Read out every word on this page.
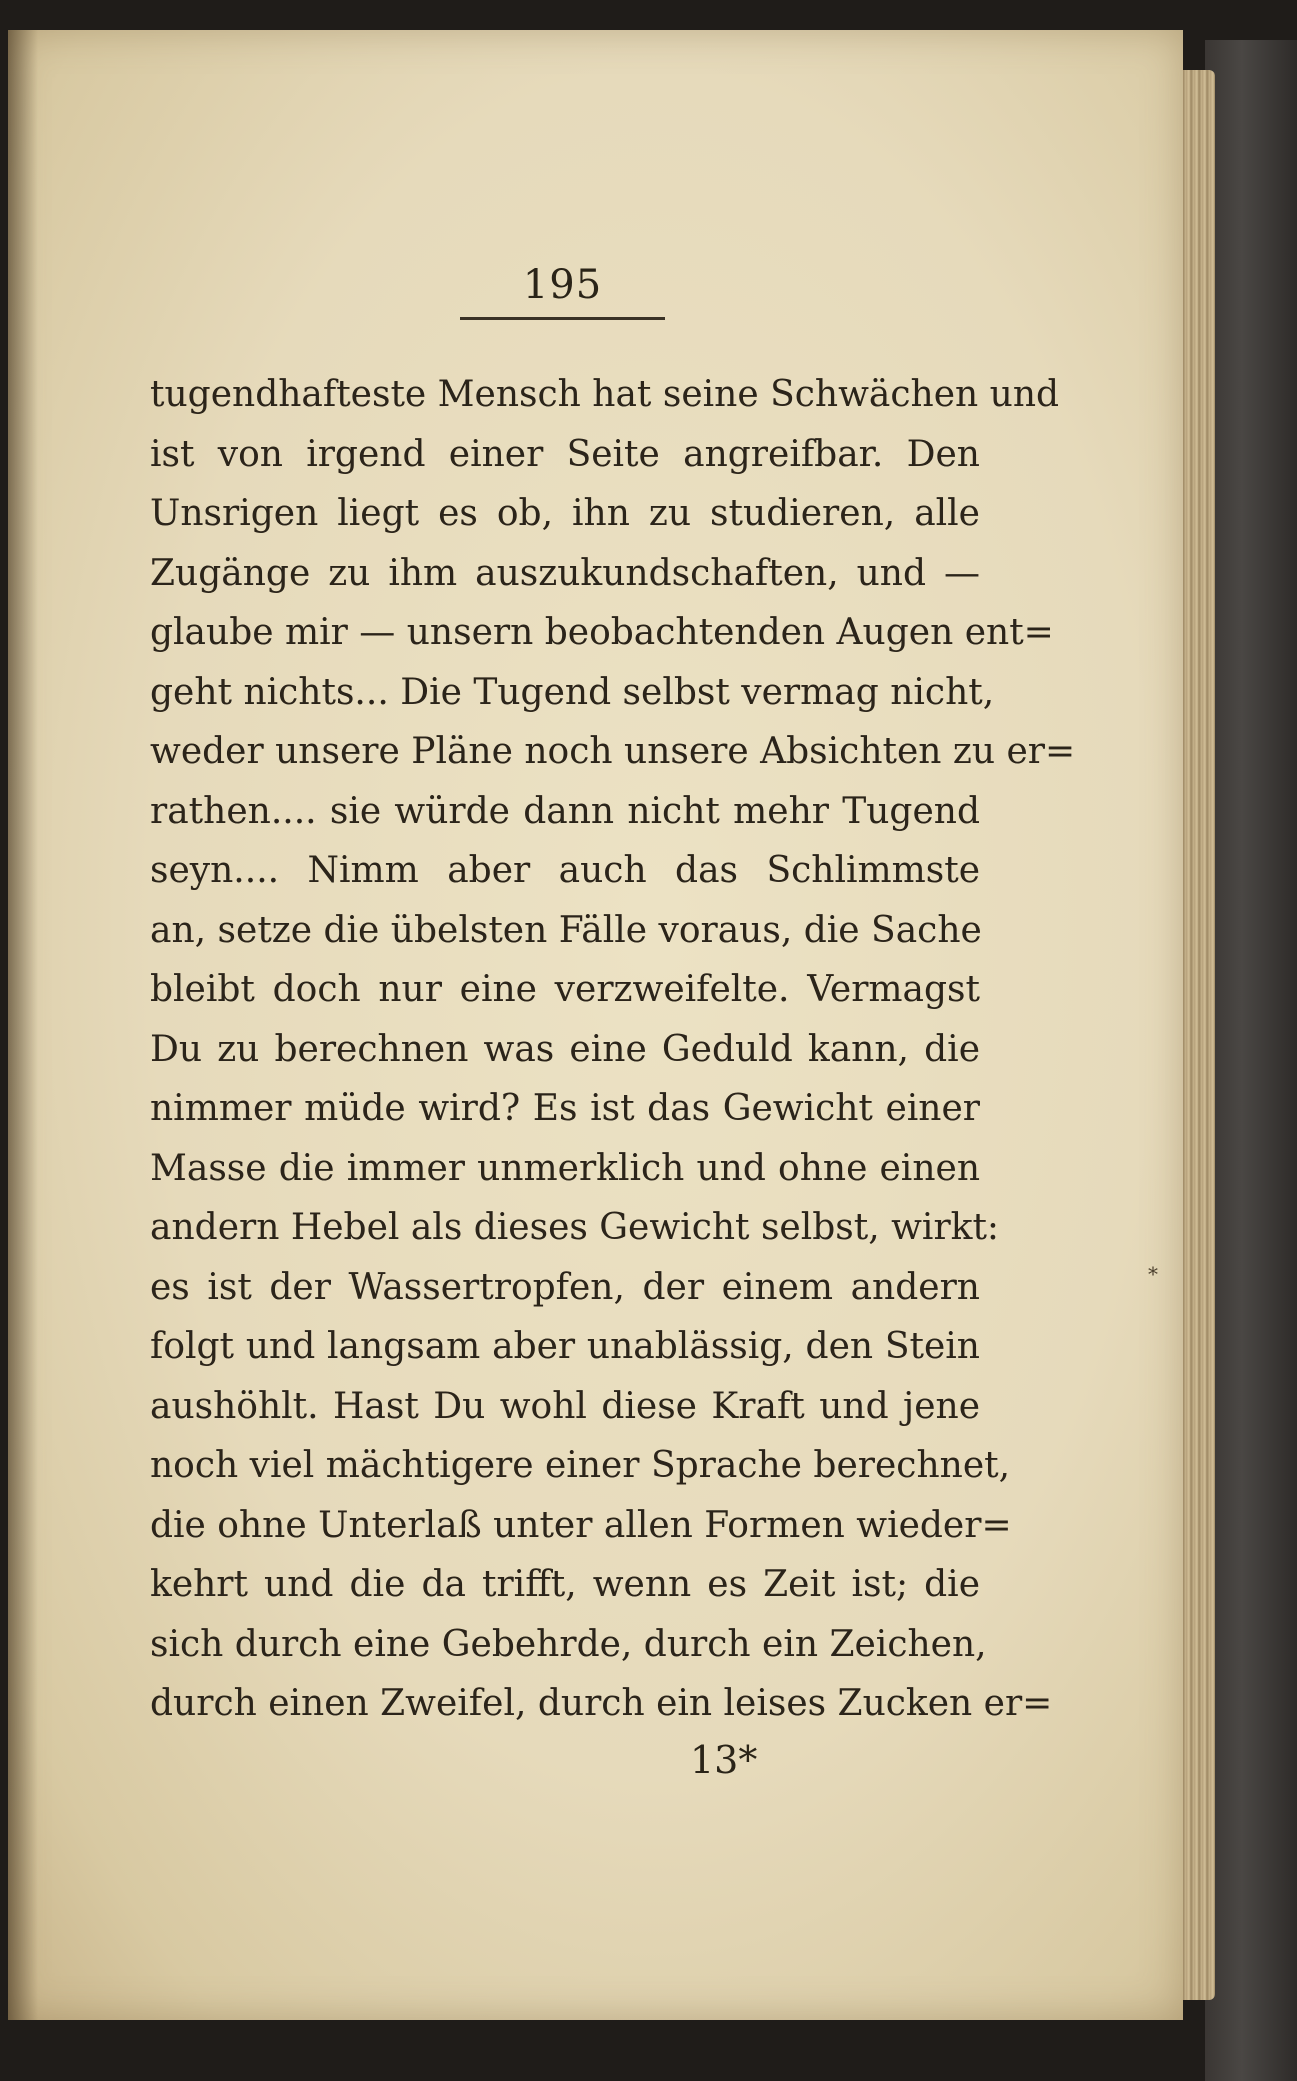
195
tugendhafteste Mensch hat seine Schwächen und
ist von irgend einer Seite angreifbar. Den
Unsrigen liegt es ob, ihn zu studieren, alle
Zugänge zu ihm auszukundschaften, und —
glaube mir — unsern beobachtenden Augen ent=
geht nichts... Die Tugend selbst vermag nicht,
weder unsere Pläne noch unsere Absichten zu er=
rathen.... sie würde dann nicht mehr Tugend
seyn.... Nimm aber auch das Schlimmste
an, setze die übelsten Fälle voraus, die Sache
bleibt doch nur eine verzweifelte. Vermagst
Du zu berechnen was eine Geduld kann, die
nimmer müde wird? Es ist das Gewicht einer
Masse die immer unmerklich und ohne einen
andern Hebel als dieses Gewicht selbst, wirkt:
es ist der Wassertropfen, der einem andern
folgt und langsam aber unablässig, den Stein
aushöhlt. Hast Du wohl diese Kraft und jene
noch viel mächtigere einer Sprache berechnet,
die ohne Unterlaß unter allen Formen wieder=
kehrt und die da trifft, wenn es Zeit ist; die
sich durch eine Gebehrde, durch ein Zeichen,
durch einen Zweifel, durch ein leises Zucken er=
*
13*
